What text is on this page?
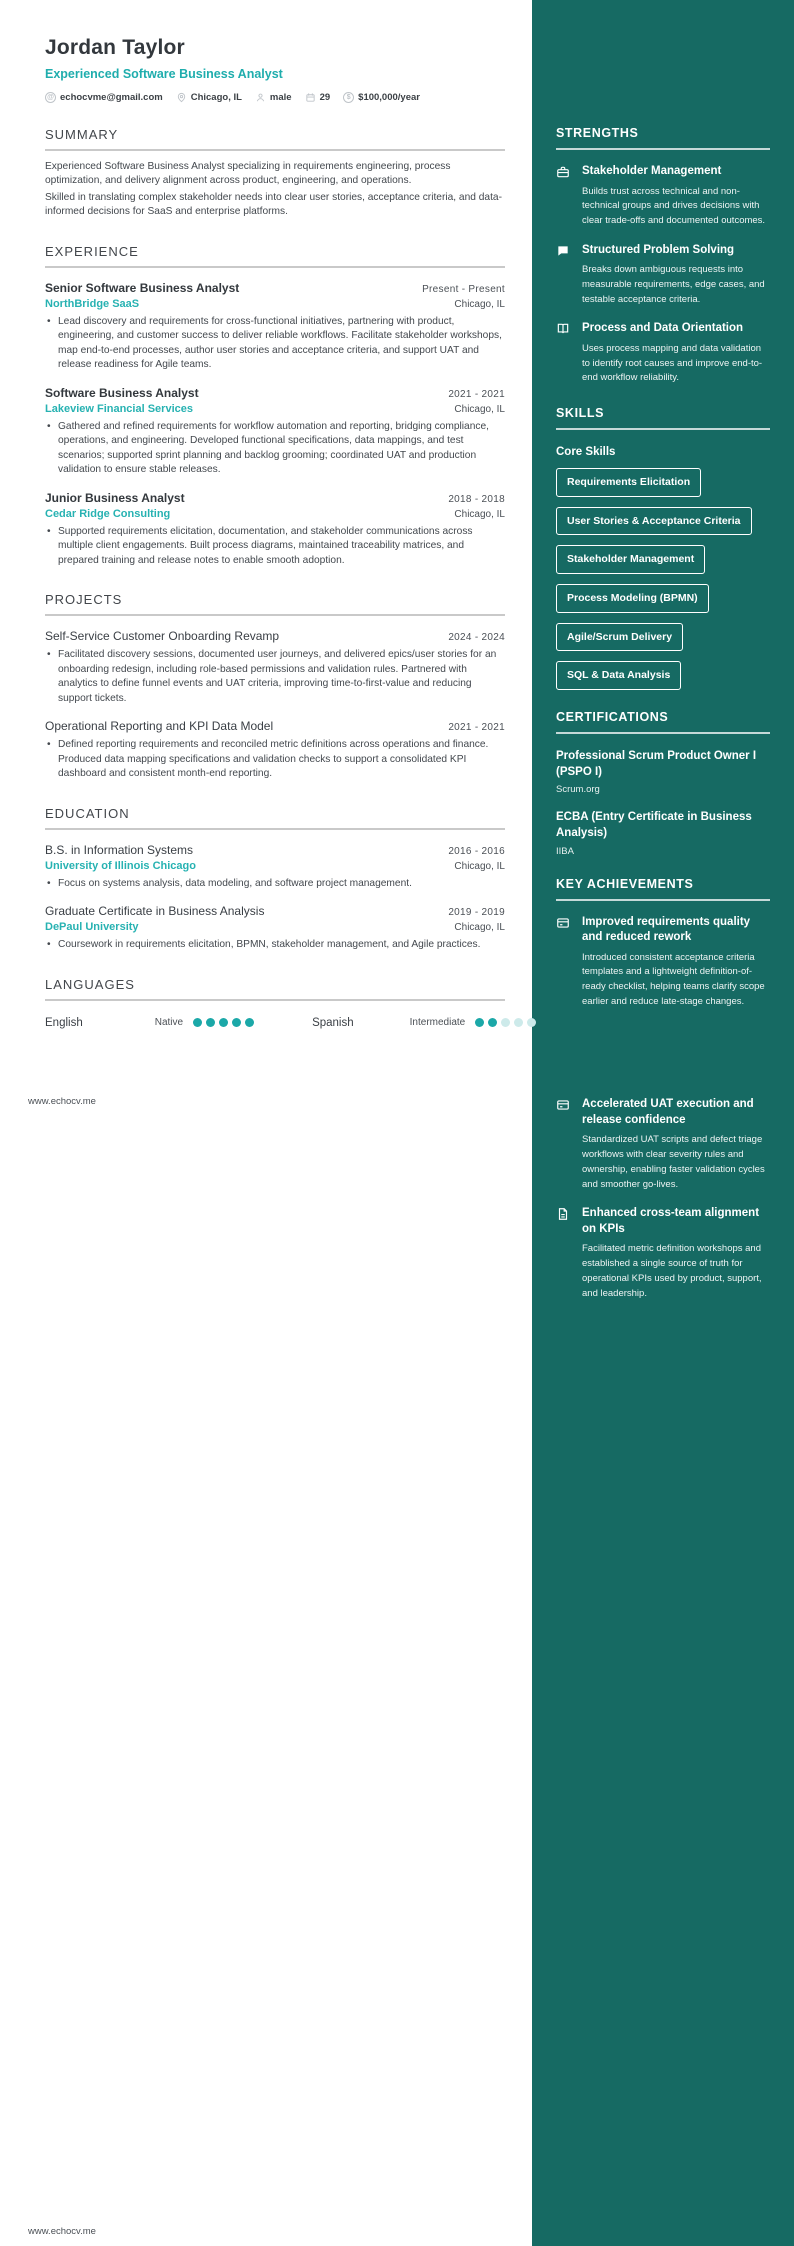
STRENGTHS
Stakeholder Management
Builds trust across technical and non-technical groups and drives decisions with clear trade-offs and documented outcomes.
Structured Problem Solving
Breaks down ambiguous requests into measurable requirements, edge cases, and testable acceptance criteria.
Process and Data Orientation
Uses process mapping and data validation to identify root causes and improve end-to-end workflow reliability.
SKILLS
Core Skills
Requirements Elicitation
User Stories & Acceptance Criteria
Stakeholder Management
Process Modeling (BPMN)
Agile/Scrum Delivery
SQL & Data Analysis
CERTIFICATIONS
Professional Scrum Product Owner I (PSPO I)
Scrum.org
ECBA (Entry Certificate in Business Analysis)
IIBA
KEY ACHIEVEMENTS
Improved requirements quality and reduced rework
Introduced consistent acceptance criteria templates and a lightweight definition-of-ready checklist, helping teams clarify scope earlier and reduce late-stage changes.
Accelerated UAT execution and release confidence
Standardized UAT scripts and defect triage workflows with clear severity rules and ownership, enabling faster validation cycles and smoother go-lives.
Enhanced cross-team alignment on KPIs
Facilitated metric definition workshops and established a single source of truth for operational KPIs used by product, support, and leadership.
Jordan Taylor
Experienced Software Business Analyst
@ echocvme@gmail.com	Chicago, IL	male	29	$ $100,000/year
SUMMARY

Experienced Software Business Analyst specializing in requirements engineering, process optimization, and delivery alignment across product, engineering, and operations.

Skilled in translating complex stakeholder needs into clear user stories, acceptance criteria, and data-informed decisions for SaaS and enterprise platforms.

EXPERIENCE
Senior Software Business Analyst	Present - Present
NorthBridge SaaS	Chicago, IL
• Lead discovery and requirements for cross-functional initiatives, partnering with product, engineering, and customer success to deliver reliable workflows. Facilitate stakeholder workshops, map end-to-end processes, author user stories and acceptance criteria, and support UAT and release readiness for Agile teams.
Software Business Analyst	2021 - 2021
Lakeview Financial Services	Chicago, IL
• Gathered and refined requirements for workflow automation and reporting, bridging compliance, operations, and engineering. Developed functional specifications, data mappings, and test scenarios; supported sprint planning and backlog grooming; coordinated UAT and production validation to ensure stable releases.
Junior Business Analyst	2018 - 2018
Cedar Ridge Consulting	Chicago, IL
• Supported requirements elicitation, documentation, and stakeholder communications across multiple client engagements. Built process diagrams, maintained traceability matrices, and prepared training and release notes to enable smooth adoption.
PROJECTS
Self-Service Customer Onboarding Revamp	2024 - 2024
• Facilitated discovery sessions, documented user journeys, and delivered epics/user stories for an onboarding redesign, including role-based permissions and validation rules. Partnered with analytics to define funnel events and UAT criteria, improving time-to-first-value and reducing support tickets.
Operational Reporting and KPI Data Model	2021 - 2021
• Defined reporting requirements and reconciled metric definitions across operations and finance. Produced data mapping specifications and validation checks to support a consolidated KPI dashboard and consistent month-end reporting.
EDUCATION
B.S. in Information Systems	2016 - 2016
University of Illinois Chicago	Chicago, IL
• Focus on systems analysis, data modeling, and software project management.
Graduate Certificate in Business Analysis	2019 - 2019
DePaul University	Chicago, IL
• Coursework in requirements elicitation, BPMN, stakeholder management, and Agile practices.
LANGUAGES
English	Native	Spanish	Intermediate
www.echocv.me
www.echocv.me
